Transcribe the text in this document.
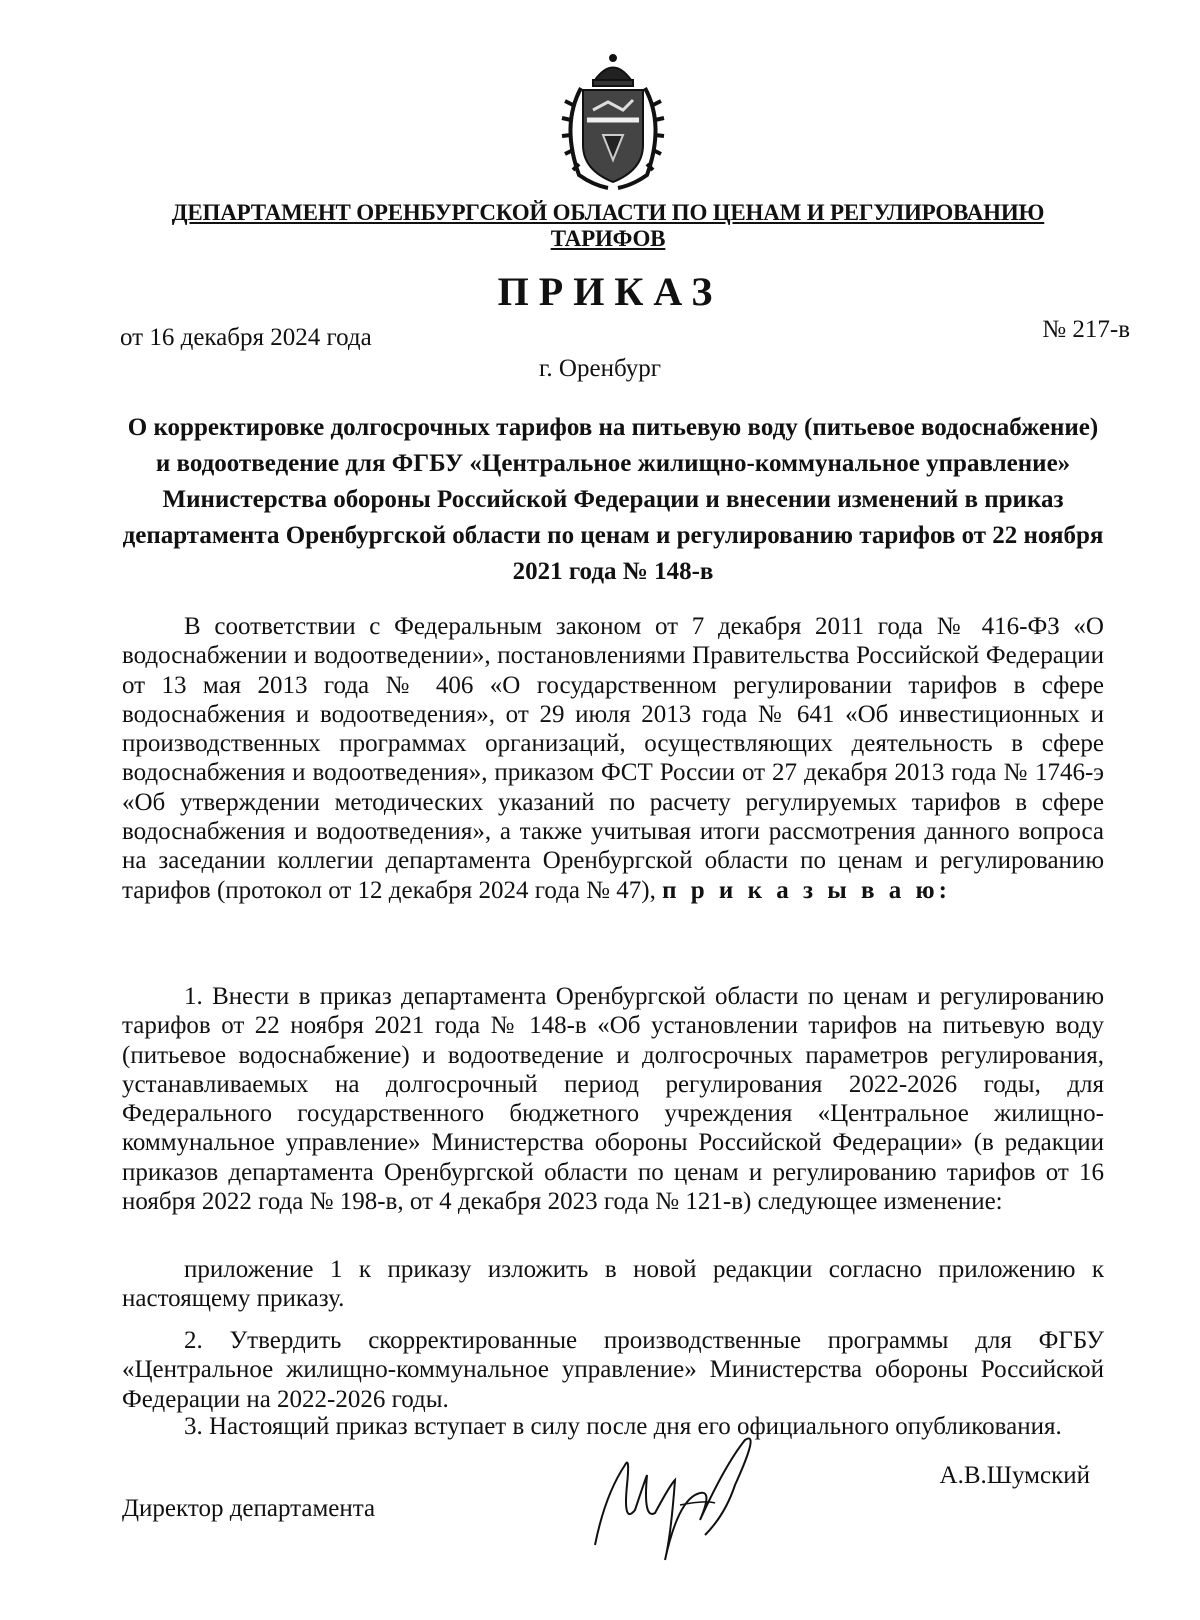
ДЕПАРТАМЕНТ ОРЕНБУРГСКОЙ ОБЛАСТИ ПО ЦЕНАМ И РЕГУЛИРОВАНИЮ ТАРИФОВ
ПРИКАЗ
от 16 декабря 2024 года	№ 217-в
г. Оренбург
О корректировке долгосрочных тарифов на питьевую воду (питьевое водоснабжение) и водоотведение для ФГБУ «Центральное жилищно-коммунальное управление» Министерства обороны Российской Федерации и внесении изменений в приказ департамента Оренбургской области по ценам и регулированию тарифов от 22 ноября 2021 года № 148-в

В соответствии с Федеральным законом от 7 декабря 2011 года № 416-ФЗ «О водоснабжении и водоотведении», постановлениями Правительства Российской Федерации от 13 мая 2013 года № 406 «О государственном регулировании тарифов в сфере водоснабжения и водоотведения», от 29 июля 2013 года № 641 «Об инвестиционных и производственных программах организаций, осуществляющих деятельность в сфере водоснабжения и водоотведения», приказом ФСТ России от 27 декабря 2013 года № 1746-э «Об утверждении методических указаний по расчету регулируемых тарифов в сфере водоснабжения и водоотведения», а также учитывая итоги рассмотрения данного вопроса на заседании коллегии департамента Оренбургской области по ценам и регулированию тарифов (протокол от 12 декабря 2024 года № 47), п р и к а з ы в а ю:

1. Внести в приказ департамента Оренбургской области по ценам и регулированию тарифов от 22 ноября 2021 года № 148-в «Об установлении тарифов на питьевую воду (питьевое водоснабжение) и водоотведение и долгосрочных параметров регулирования, устанавливаемых на долгосрочный период регулирования 2022-2026 годы, для Федерального государственного бюджетного учреждения «Центральное жилищно-коммунальное управление» Министерства обороны Российской Федерации» (в редакции приказов департамента Оренбургской области по ценам и регулированию тарифов от 16 ноября 2022 года № 198-в, от 4 декабря 2023 года № 121-в) следующее изменение:

приложение 1 к приказу изложить в новой редакции согласно приложению к настоящему приказу.

2. Утвердить скорректированные производственные программы для ФГБУ «Центральное жилищно-коммунальное управление» Министерства обороны Российской Федерации на 2022-2026 годы.

3. Настоящий приказ вступает в силу после дня его официального опубликования.

Директор департамента
А.В.Шумский
